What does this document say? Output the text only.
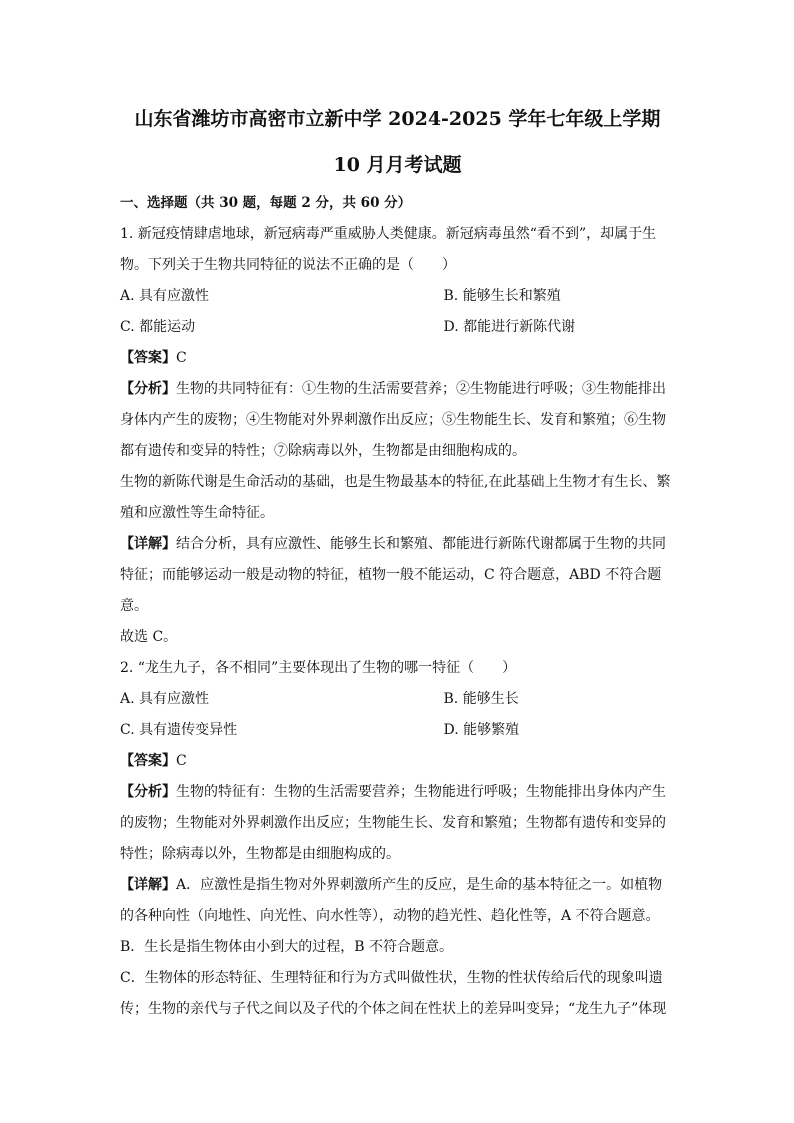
山东省潍坊市高密市立新中学 2024-2025 学年七年级上学期
10 月月考试题
一、选择题（共 30 题，每题 2 分，共 60 分）
1. 新冠疫情肆虐地球，新冠病毒严重威胁人类健康。新冠病毒虽然“看不到”，却属于生
物。下列关于生物共同特征的说法不正确的是（　　）
A. 具有应激性	B. 能够生长和繁殖
C. 都能运动	D. 都能进行新陈代谢
【答案】C
【分析】生物的共同特征有：①生物的生活需要营养；②生物能进行呼吸；③生物能排出
身体内产生的废物；④生物能对外界刺激作出反应；⑤生物能生长、发育和繁殖；⑥生物
都有遗传和变异的特性；⑦除病毒以外，生物都是由细胞构成的。
生物的新陈代谢是生命活动的基础，也是生物最基本的特征,在此基础上生物才有生长、繁
殖和应激性等生命特征。
【详解】结合分析，具有应激性、能够生长和繁殖、都能进行新陈代谢都属于生物的共同
特征；而能够运动一般是动物的特征，植物一般不能运动，C 符合题意，ABD 不符合题
意。
故选 C。
2. “龙生九子，各不相同”主要体现出了生物的哪一特征（　　）
A. 具有应激性	B. 能够生长
C. 具有遗传变异性	D. 能够繁殖
【答案】C
【分析】生物的特征有：生物的生活需要营养；生物能进行呼吸；生物能排出身体内产生
的废物；生物能对外界刺激作出反应；生物能生长、发育和繁殖；生物都有遗传和变异的
特性；除病毒以外，生物都是由细胞构成的。
【详解】A．应激性是指生物对外界刺激所产生的反应，是生命的基本特征之一。如植物
的各种向性（向地性、向光性、向水性等），动物的趋光性、趋化性等，A 不符合题意。
B．生长是指生物体由小到大的过程，B 不符合题意。
C．生物体的形态特征、生理特征和行为方式叫做性状，生物的性状传给后代的现象叫遗
传；生物的亲代与子代之间以及子代的个体之间在性状上的差异叫变异；“龙生九子”体现
